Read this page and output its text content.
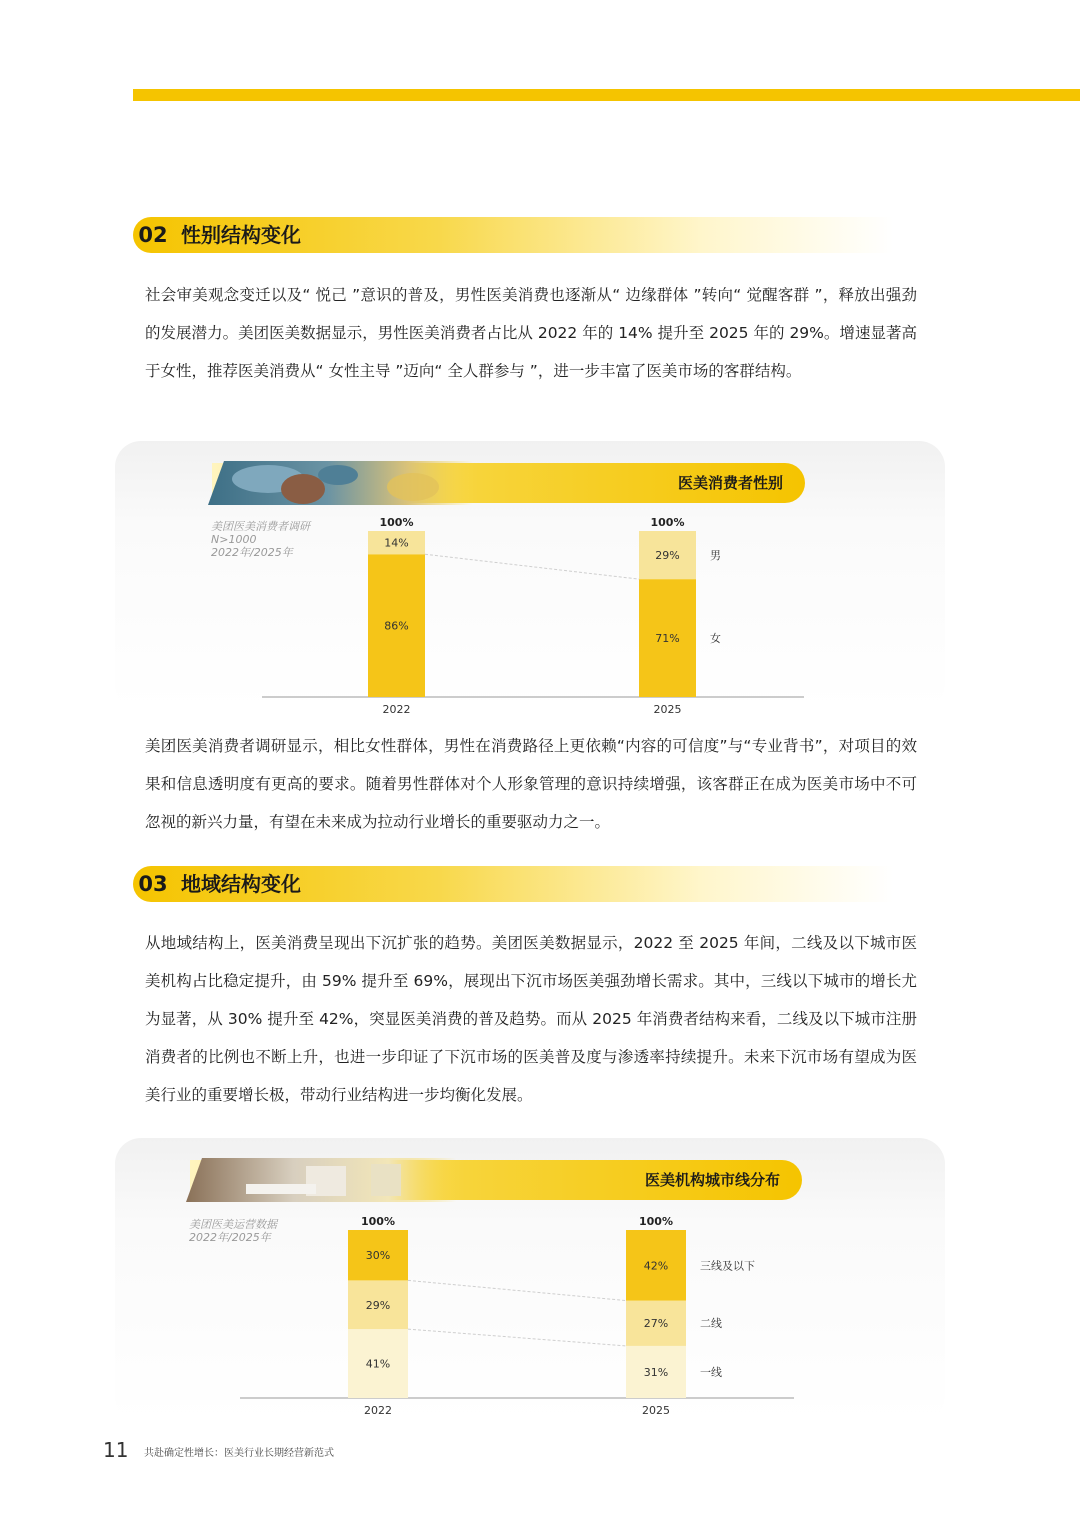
02 性别结构变化

社会审美观念变迁以及“ 悦己 ”意识的普及，男性医美消费也逐渐从“ 边缘群体 ”转向“ 觉醒客群 ”，释放出强劲的发展潜力。美团医美数据显示，男性医美消费者占比从 2022 年的 14% 提升至 2025 年的 29%。增速显著高于女性，推荐医美消费从“ 女性主导 ”迈向“ 全人群参与 ”，进一步丰富了医美市场的客群结构。

医美消费者性别
美团医美消费者调研
N>1000
2022年/2025年
86%
14%
100%
2022
71%
29%
100%
2025
女
男

美团医美消费者调研显示，相比女性群体，男性在消费路径上更依赖“内容的可信度”与“专业背书”，对项目的效果和信息透明度有更高的要求。随着男性群体对个人形象管理的意识持续增强，该客群正在成为医美市场中不可忽视的新兴力量，有望在未来成为拉动行业增长的重要驱动力之一。

03 地域结构变化

从地域结构上，医美消费呈现出下沉扩张的趋势。美团医美数据显示，2022 至 2025 年间，二线及以下城市医美机构占比稳定提升，由 59% 提升至 69%，展现出下沉市场医美强劲增长需求。其中，三线以下城市的增长尤为显著，从 30% 提升至 42%，突显医美消费的普及趋势。而从 2025 年消费者结构来看，二线及以下城市注册消费者的比例也不断上升，也进一步印证了下沉市场的医美普及度与渗透率持续提升。未来下沉市场有望成为医美行业的重要增长极，带动行业结构进一步均衡化发展。

医美机构城市线分布
美团医美运营数据
2022年/2025年
41%
29%
30%
100%
2022
31%
27%
42%
100%
2025
一线
二线
三线及以下
11 共赴确定性增长：医美行业长期经营新范式
